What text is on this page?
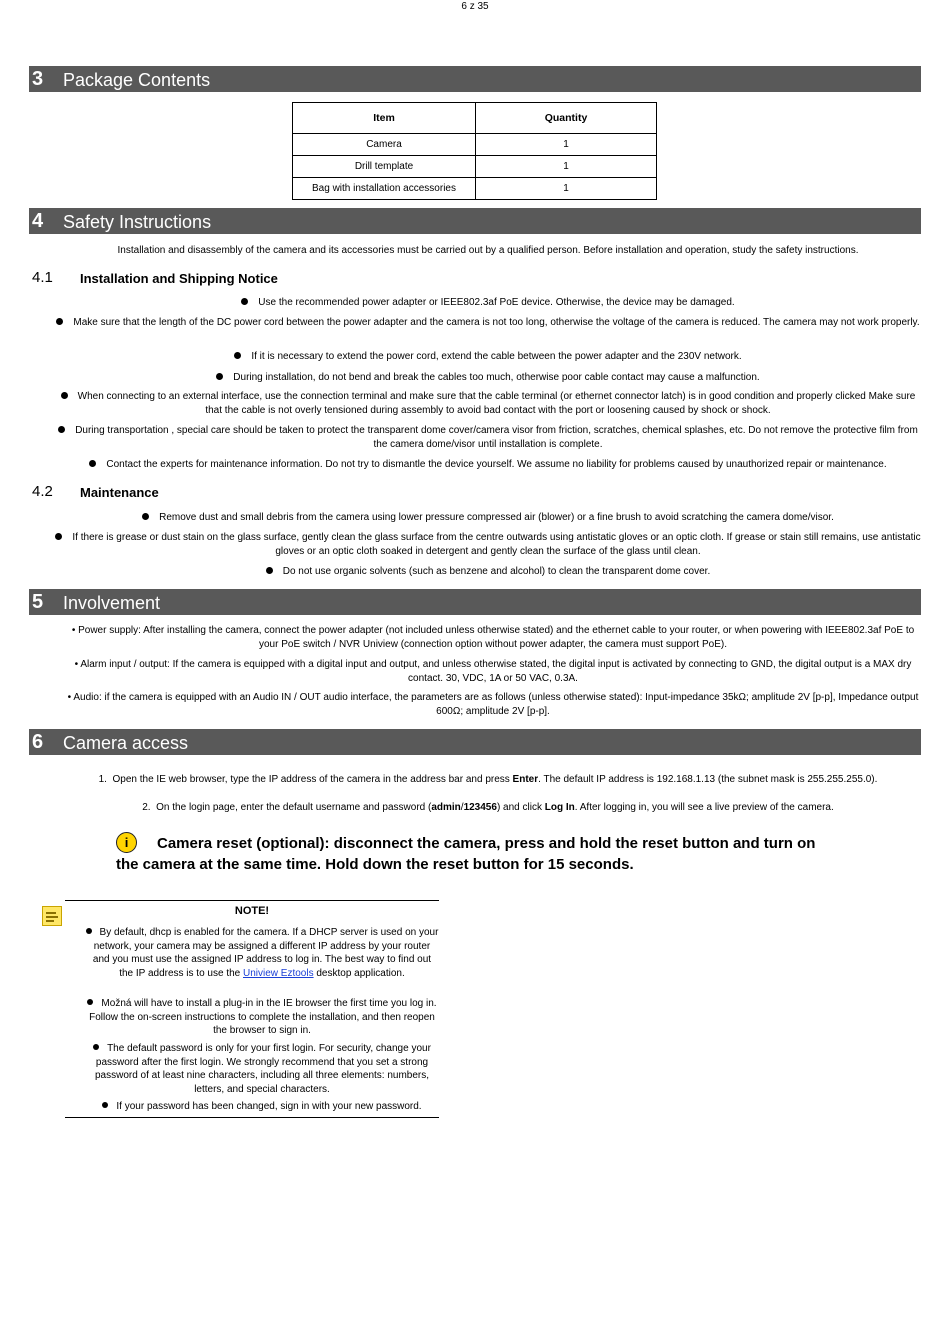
6 z 35
3 Package Contents
Item	Quantity
Camera	1
Drill template	1
Bag with installation accessories	1
4 Safety Instructions
Installation and disassembly of the camera and its accessories must be carried out by a qualified person. Before installation and operation, study the safety instructions.
4.1 Installation and Shipping Notice
Use the recommended power adapter or IEEE802.3af PoE device. Otherwise, the device may be damaged.
Make sure that the length of the DC power cord between the power adapter and the camera is not too long, otherwise the voltage of the camera is reduced. The camera may not work properly.
If it is necessary to extend the power cord, extend the cable between the power adapter and the 230V network.
During installation, do not bend and break the cables too much, otherwise poor cable contact may cause a malfunction.
When connecting to an external interface, use the connection terminal and make sure that the cable terminal (or ethernet connector latch) is in good condition and properly clicked Make sure that the cable is not overly tensioned during assembly to avoid bad contact with the port or loosening caused by shock or shock.
During transportation , special care should be taken to protect the transparent dome cover/camera visor from friction, scratches, chemical splashes, etc. Do not remove the protective film from the camera dome/visor until installation is complete.
Contact the experts for maintenance information. Do not try to dismantle the device yourself. We assume no liability for problems caused by unauthorized repair or maintenance.
4.2 Maintenance
Remove dust and small debris from the camera using lower pressure compressed air (blower) or a fine brush to avoid scratching the camera dome/visor.
If there is grease or dust stain on the glass surface, gently clean the glass surface from the centre outwards using antistatic gloves or an optic cloth. If grease or stain still remains, use antistatic gloves or an optic cloth soaked in detergent and gently clean the surface of the glass until clean.
Do not use organic solvents (such as benzene and alcohol) to clean the transparent dome cover.
5 Involvement
• Power supply: After installing the camera, connect the power adapter (not included unless otherwise stated) and the ethernet cable to your router, or when powering with IEEE802.3af PoE to your PoE switch / NVR Uniview (connection option without power adapter, the camera must support PoE).
• Alarm input / output: If the camera is equipped with a digital input and output, and unless otherwise stated, the digital input is activated by connecting to GND, the digital output is a MAX dry contact. 30, VDC, 1A or 50 VAC, 0.3A.
• Audio: if the camera is equipped with an Audio IN / OUT audio interface, the parameters are as follows (unless otherwise stated): Input-impedance 35kΩ; amplitude 2V [p-p], Impedance output 600Ω; amplitude 2V [p-p].
6 Camera access
1. Open the IE web browser, type the IP address of the camera in the address bar and press Enter. The default IP address is 192.168.1.13 (the subnet mask is 255.255.255.0).
2. On the login page, enter the default username and password (admin/123456) and click Log In. After logging in, you will see a live preview of the camera.
i Camera reset (optional): disconnect the camera, press and hold the reset button and turn on the camera at the same time. Hold down the reset button for 15 seconds.
NOTE!
By default, dhcp is enabled for the camera. If a DHCP server is used on your network, your camera may be assigned a different IP address by your router and you must use the assigned IP address to log in. The best way to find out the IP address is to use the Uniview Eztools desktop application.
Možná will have to install a plug-in in the IE browser the first time you log in. Follow the on-screen instructions to complete the installation, and then reopen the browser to sign in.
The default password is only for your first login. For security, change your password after the first login. We strongly recommend that you set a strong password of at least nine characters, including all three elements: numbers, letters, and special characters.
If your password has been changed, sign in with your new password.
